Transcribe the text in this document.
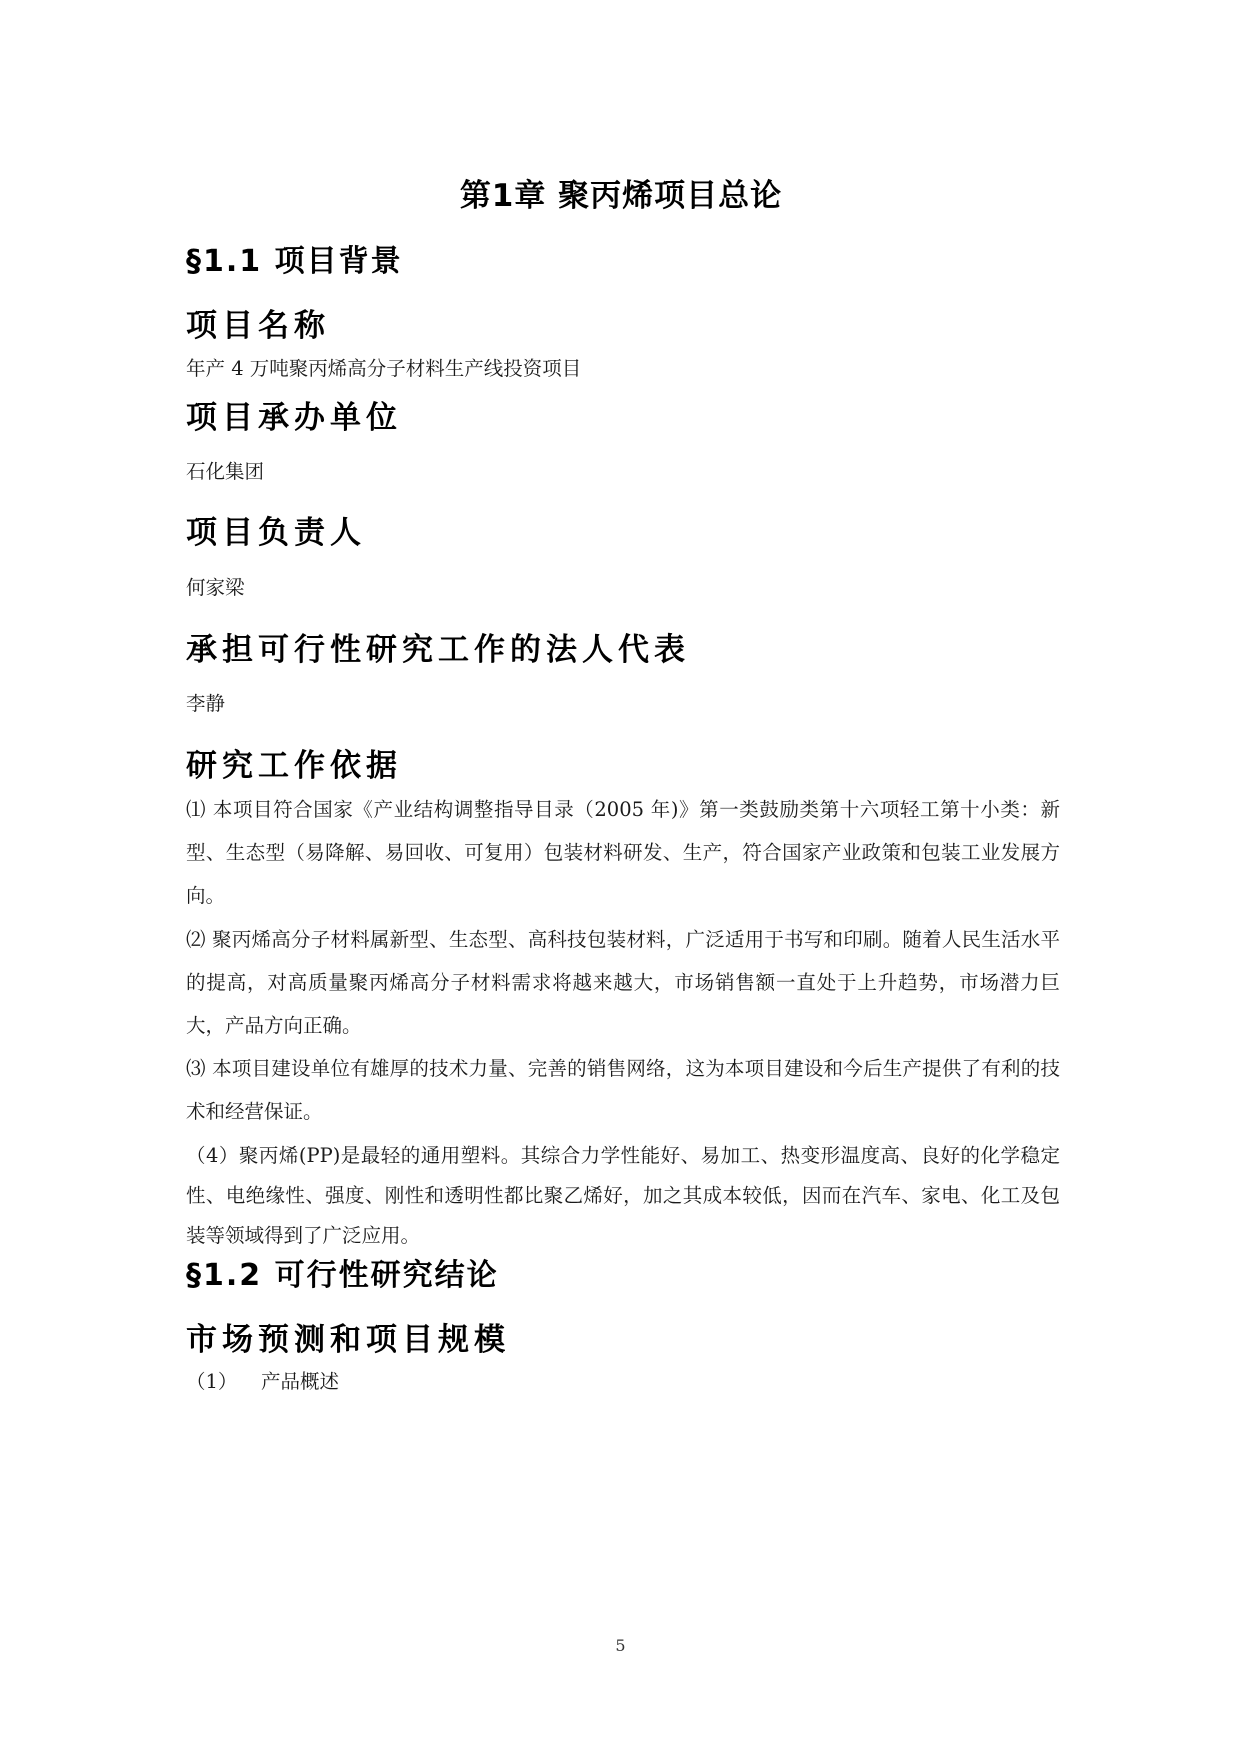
第1章 聚丙烯项目总论
§1.1 项目背景
项目名称
年产 4 万吨聚丙烯高分子材料生产线投资项目
项目承办单位
石化集团
项目负责人
何家梁
承担可行性研究工作的法人代表
李静
研究工作依据
⑴ 本项目符合国家《产业结构调整指导目录（2005 年)》第一类鼓励类第十六项轻工第十小类：新型、生态型（易降解、易回收、可复用）包装材料研发、生产，符合国家产业政策和包装工业发展方向。
⑵ 聚丙烯高分子材料属新型、生态型、高科技包装材料，广泛适用于书写和印刷。随着人民生活水平的提高，对高质量聚丙烯高分子材料需求将越来越大，市场销售额一直处于上升趋势，市场潜力巨大，产品方向正确。
⑶ 本项目建设单位有雄厚的技术力量、完善的销售网络，这为本项目建设和今后生产提供了有利的技术和经营保证。
（4）聚丙烯(PP)是最轻的通用塑料。其综合力学性能好、易加工、热变形温度高、良好的化学稳定性、电绝缘性、强度、刚性和透明性都比聚乙烯好，加之其成本较低，因而在汽车、家电、化工及包装等领域得到了广泛应用。
§1.2 可行性研究结论
市场预测和项目规模
（1） 产品概述
5
